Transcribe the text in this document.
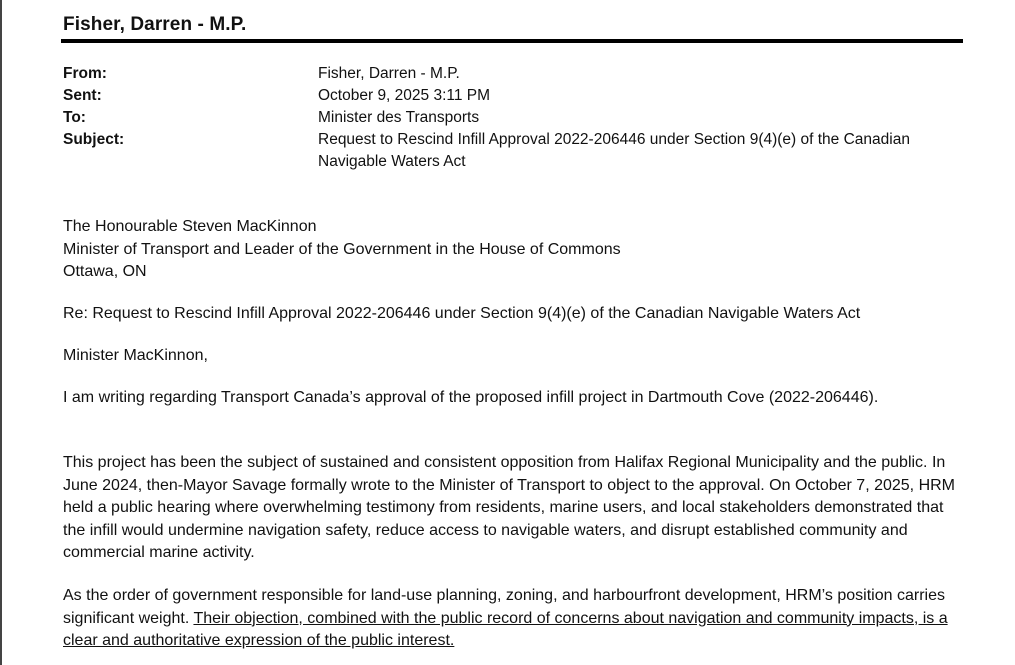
Fisher, Darren - M.P.
From:	Fisher, Darren - M.P.
Sent:	October 9, 2025 3:11 PM
To:	Minister des Transports
Subject:	Request to Rescind Infill Approval 2022-206446 under Section 9(4)(e) of the Canadian Navigable Waters Act
The Honourable Steven MacKinnon
Minister of Transport and Leader of the Government in the House of Commons
Ottawa, ON
Re: Request to Rescind Infill Approval 2022-206446 under Section 9(4)(e) of the Canadian Navigable Waters Act
Minister MacKinnon,
I am writing regarding Transport Canada’s approval of the proposed infill project in Dartmouth Cove (2022-206446).
This project has been the subject of sustained and consistent opposition from Halifax Regional Municipality and the public. In June 2024, then-Mayor Savage formally wrote to the Minister of Transport to object to the approval. On October 7, 2025, HRM held a public hearing where overwhelming testimony from residents, marine users, and local stakeholders demonstrated that the infill would undermine navigation safety, reduce access to navigable waters, and disrupt established community and commercial marine activity.
As the order of government responsible for land-use planning, zoning, and harbourfront development, HRM’s position carries significant weight. Their objection, combined with the public record of concerns about navigation and community impacts, is a clear and authoritative expression of the public interest.
